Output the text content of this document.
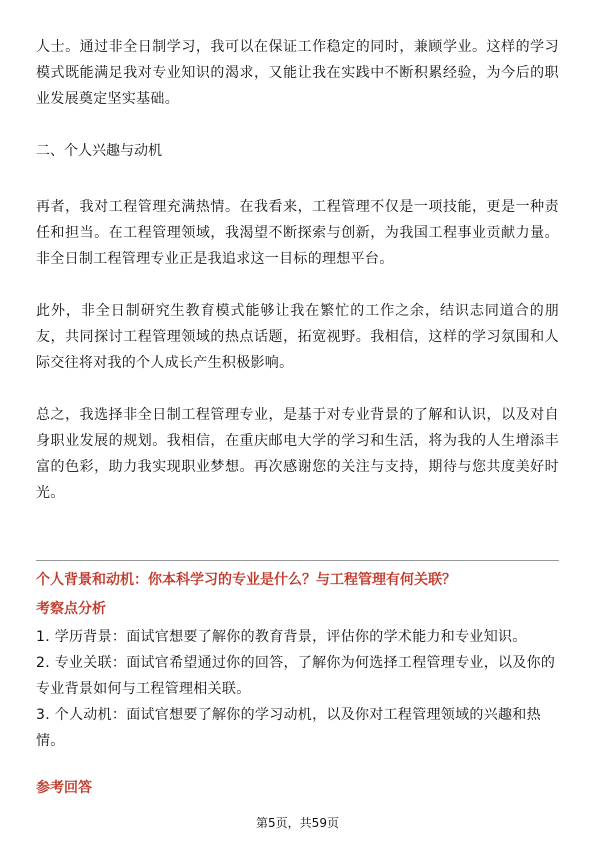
人士。通过非全日制学习，我可以在保证工作稳定的同时，兼顾学业。这样的学习模式既能满足我对专业知识的渴求，又能让我在实践中不断积累经验，为今后的职业发展奠定坚实基础。

二、个人兴趣与动机

再者，我对工程管理充满热情。在我看来，工程管理不仅是一项技能，更是一种责任和担当。在工程管理领域，我渴望不断探索与创新，为我国工程事业贡献力量。非全日制工程管理专业正是我追求这一目标的理想平台。

此外，非全日制研究生教育模式能够让我在繁忙的工作之余，结识志同道合的朋友，共同探讨工程管理领域的热点话题，拓宽视野。我相信，这样的学习氛围和人际交往将对我的个人成长产生积极影响。

总之，我选择非全日制工程管理专业，是基于对专业背景的了解和认识，以及对自身职业发展的规划。我相信，在重庆邮电大学的学习和生活，将为我的人生增添丰富的色彩，助力我实现职业梦想。再次感谢您的关注与支持，期待与您共度美好时光。

个人背景和动机：你本科学习的专业是什么？与工程管理有何关联？

考察点分析

1. 学历背景：面试官想要了解你的教育背景，评估你的学术能力和专业知识。

2. 专业关联：面试官希望通过你的回答，了解你为何选择工程管理专业，以及你的专业背景如何与工程管理相关联。

3. 个人动机：面试官想要了解你的学习动机，以及你对工程管理领域的兴趣和热情。

参考回答
第5页，共59页
